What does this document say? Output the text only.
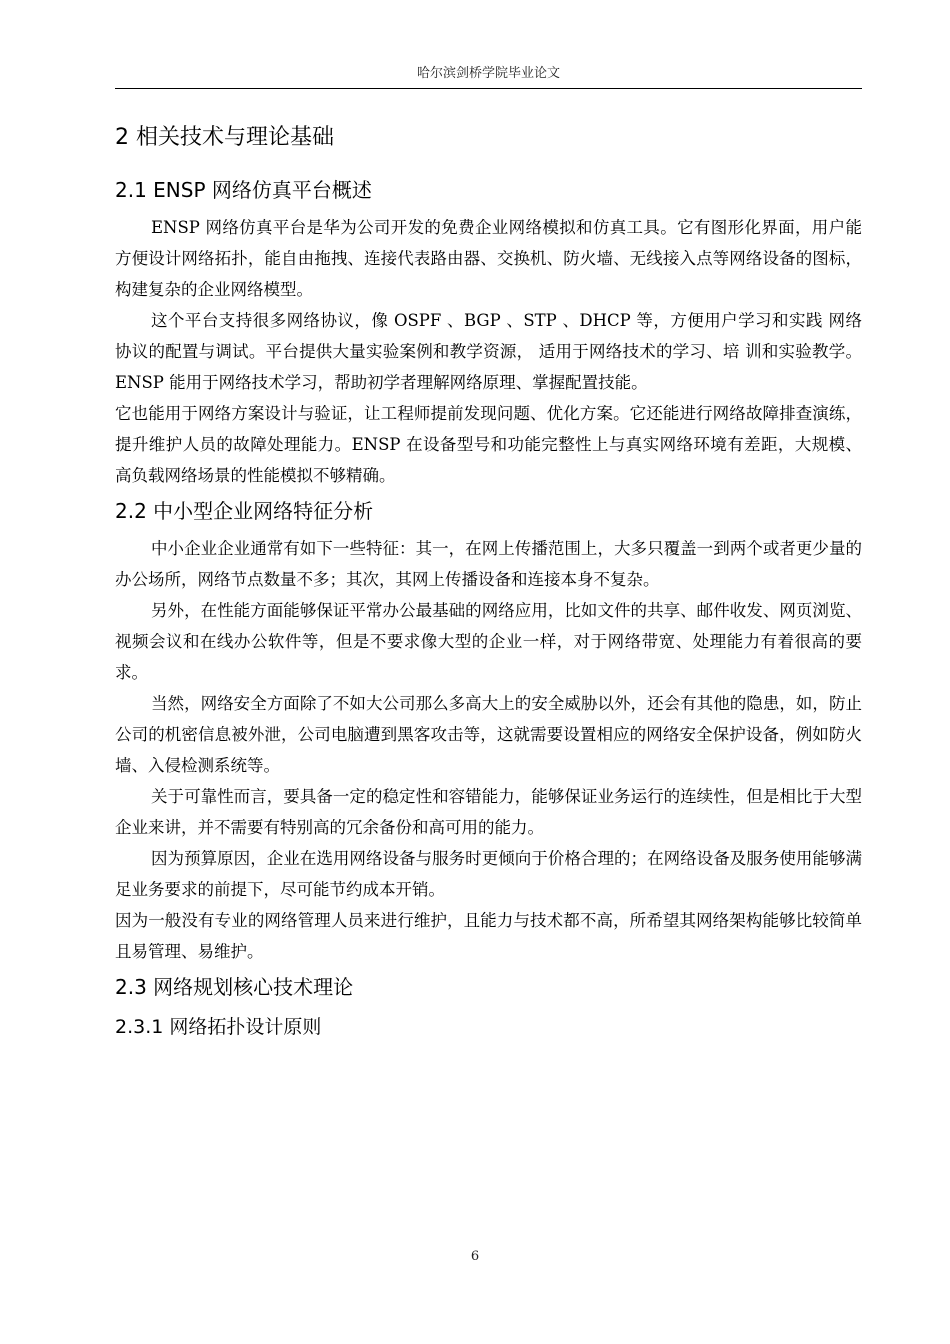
哈尔滨剑桥学院毕业论文
2 相关技术与理论基础
2.1 ENSP 网络仿真平台概述

ENSP 网络仿真平台是华为公司开发的免费企业网络模拟和仿真工具。它有图形化界面，用户能方便设计网络拓扑，能自由拖拽、连接代表路由器、交换机、防火墙、无线接入点等网络设备的图标，构建复杂的企业网络模型。

这个平台支持很多网络协议，像 OSPF 、BGP 、STP 、DHCP 等，方便用户学习和实践 网络协议的配置与调试。平台提供大量实验案例和教学资源， 适用于网络技术的学习、培 训和实验教学。ENSP 能用于网络技术学习，帮助初学者理解网络原理、掌握配置技能。

它也能用于网络方案设计与验证，让工程师提前发现问题、优化方案。它还能进行网络故障排查演练，提升维护人员的故障处理能力。ENSP 在设备型号和功能完整性上与真实网络环境有差距，大规模、高负载网络场景的性能模拟不够精确。

2.2 中小型企业网络特征分析

中小企业企业通常有如下一些特征：其一，在网上传播范围上，大多只覆盖一到两个或者更少量的办公场所，网络节点数量不多；其次，其网上传播设备和连接本身不复杂。

另外，在性能方面能够保证平常办公最基础的网络应用，比如文件的共享、邮件收发、网页浏览、视频会议和在线办公软件等，但是不要求像大型的企业一样，对于网络带宽、处理能力有着很高的要求。

当然，网络安全方面除了不如大公司那么多高大上的安全威胁以外，还会有其他的隐患，如，防止公司的机密信息被外泄，公司电脑遭到黑客攻击等，这就需要设置相应的网络安全保护设备，例如防火墙、入侵检测系统等。

关于可靠性而言，要具备一定的稳定性和容错能力，能够保证业务运行的连续性，但是相比于大型企业来讲，并不需要有特别高的冗余备份和高可用的能力。

因为预算原因，企业在选用网络设备与服务时更倾向于价格合理的；在网络设备及服务使用能够满足业务要求的前提下，尽可能节约成本开销。

因为一般没有专业的网络管理人员来进行维护，且能力与技术都不高，所希望其网络架构能够比较简单且易管理、易维护。

2.3 网络规划核心技术理论
2.3.1 网络拓扑设计原则
6
